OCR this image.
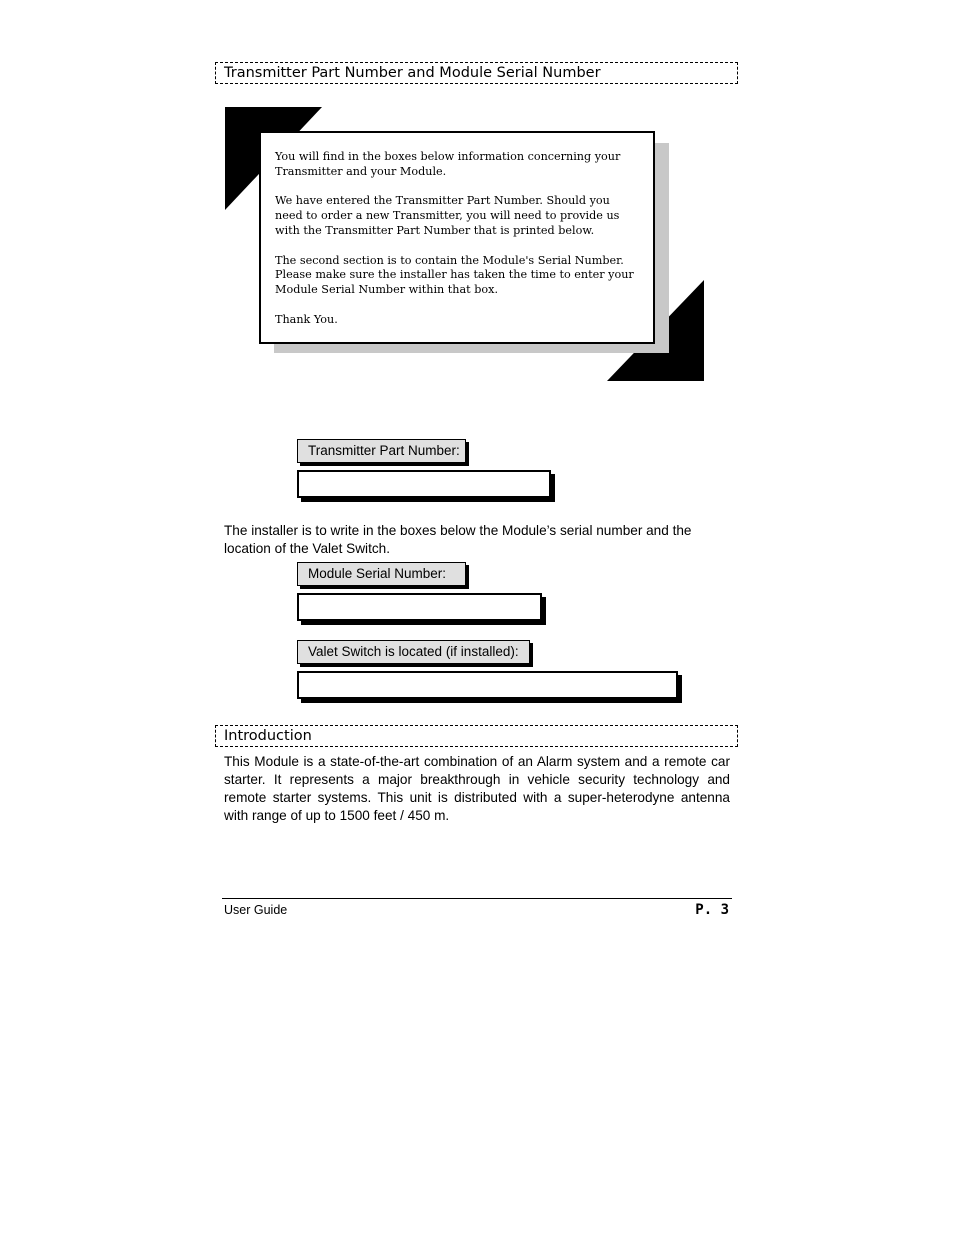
Transmitter Part Number and Module Serial Number

You will find in the boxes below information concerning your Transmitter and your Module.

We have entered the Transmitter Part Number. Should you need to order a new Transmitter, you will need to provide us with the Transmitter Part Number that is printed below.

The second section is to contain the Module's Serial Number. Please make sure the installer has taken the time to enter your Module Serial Number within that box.

Thank You.

Transmitter Part Number:

The installer is to write in the boxes below the Module’s serial number and the location of the Valet Switch.

Module Serial Number:
Valet Switch is located (if installed):
Introduction

This Module is a state-of-the-art combination of an Alarm system and a remote car starter. It represents a major breakthrough in vehicle security technology and remote starter systems. This unit is distributed with a super-heterodyne antenna with range of up to 1500 feet / 450 m.

User Guide	P. 3
